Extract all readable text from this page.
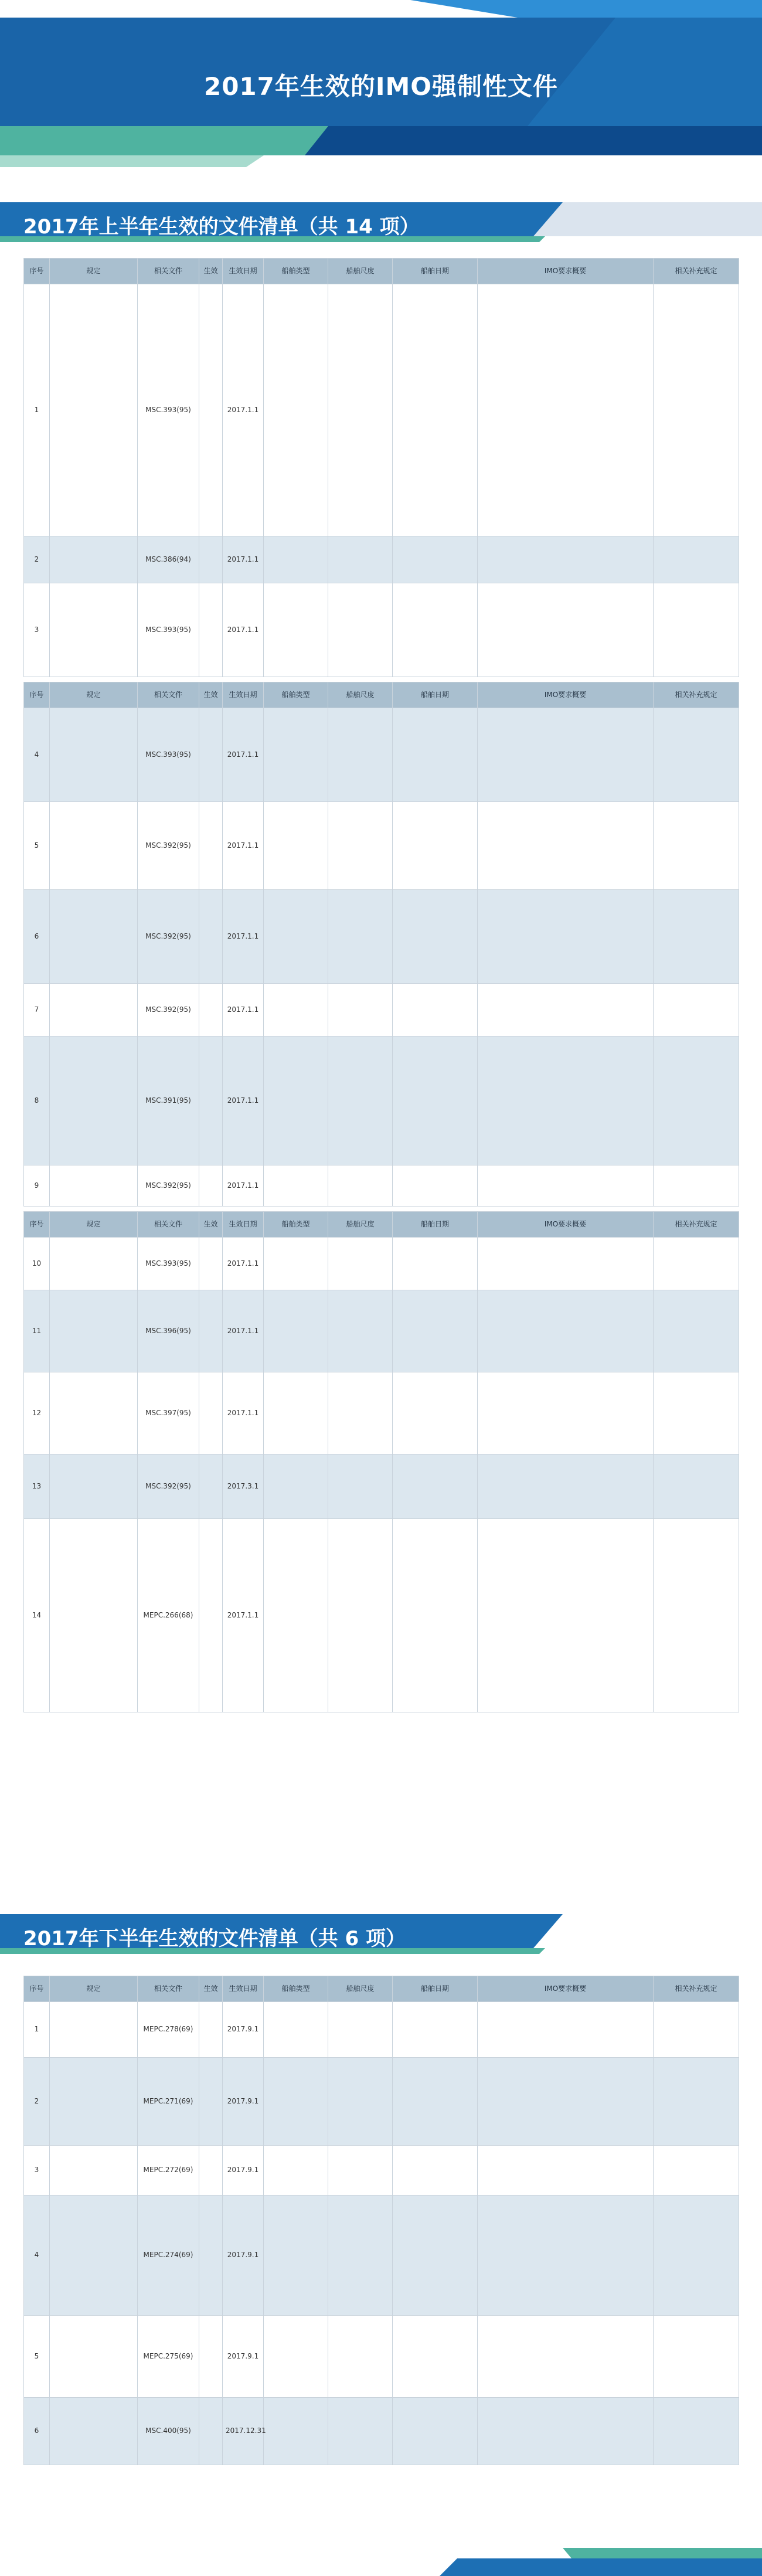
2017年生效的IMO强制性文件
2017年上半年生效的文件清单（共 14 项）
序号	规定	相关文件	生效	生效日期	船舶类型	船舶尺度	船舶日期	IMO要求概要	相关补充规定
1		MSC.393(95)		2017.1.1					
2		MSC.386(94)		2017.1.1					
3		MSC.393(95)		2017.1.1					
序号	规定	相关文件	生效	生效日期	船舶类型	船舶尺度	船舶日期	IMO要求概要	相关补充规定
4		MSC.393(95)		2017.1.1					
5		MSC.392(95)		2017.1.1					
6		MSC.392(95)		2017.1.1					
7		MSC.392(95)		2017.1.1					
8		MSC.391(95)		2017.1.1					
9		MSC.392(95)		2017.1.1					
序号	规定	相关文件	生效	生效日期	船舶类型	船舶尺度	船舶日期	IMO要求概要	相关补充规定
10		MSC.393(95)		2017.1.1					
11		MSC.396(95)		2017.1.1					
12		MSC.397(95)		2017.1.1					
13		MSC.392(95)		2017.3.1					
14		MEPC.266(68)		2017.1.1					
2017年下半年生效的文件清单（共 6 项）
序号	规定	相关文件	生效	生效日期	船舶类型	船舶尺度	船舶日期	IMO要求概要	相关补充规定
1		MEPC.278(69)		2017.9.1					
2		MEPC.271(69)		2017.9.1					
3		MEPC.272(69)		2017.9.1					
4		MEPC.274(69)		2017.9.1					
5		MEPC.275(69)		2017.9.1					
6		MSC.400(95)		2017.12.31					
